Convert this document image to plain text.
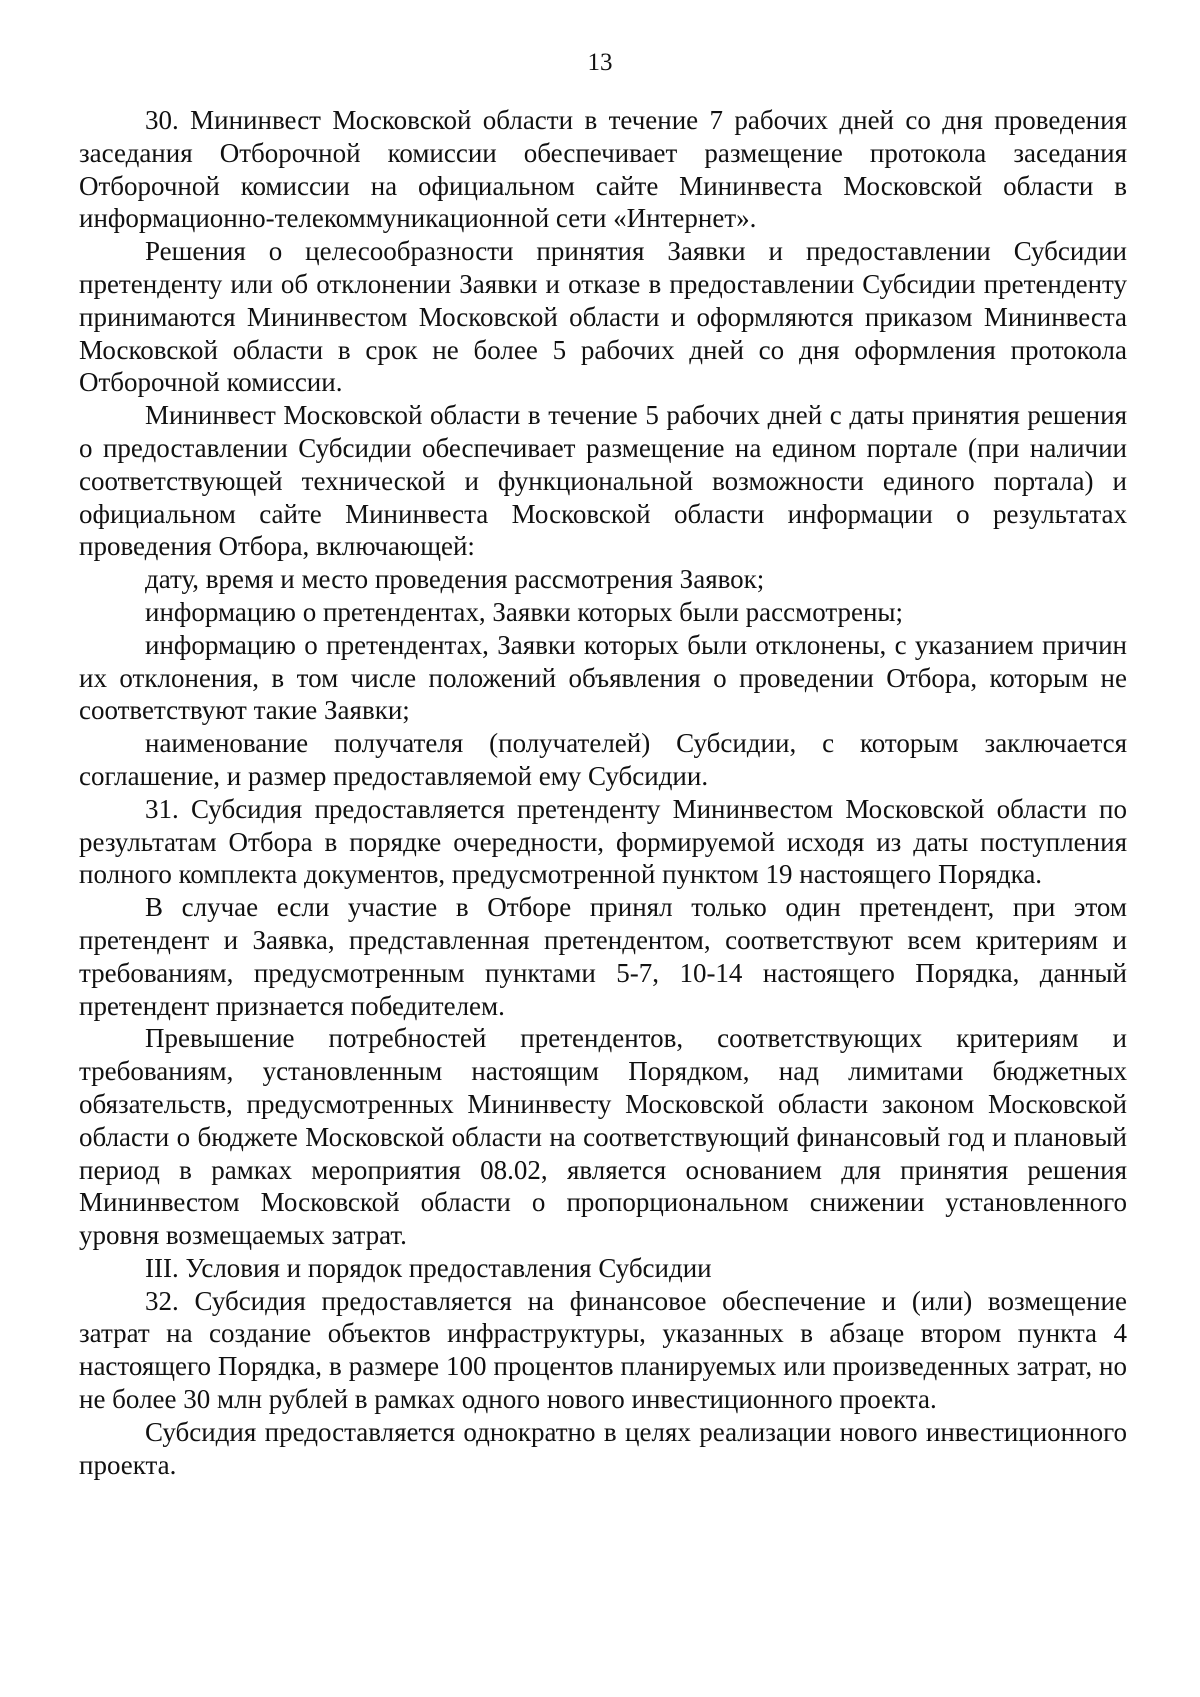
13

30. Мининвест Московской области в течение 7 рабочих дней со дня проведения заседания Отборочной комиссии обеспечивает размещение протокола заседания Отборочной комиссии на официальном сайте Мининвеста Московской области в информационно-телекоммуникационной сети «Интернет».

Решения о целесообразности принятия Заявки и предоставлении Субсидии претенденту или об отклонении Заявки и отказе в предоставлении Субсидии претенденту принимаются Мининвестом Московской области и оформляются приказом Мининвеста Московской области в срок не более 5 рабочих дней со дня оформления протокола Отборочной комиссии.

Мининвест Московской области в течение 5 рабочих дней с даты принятия решения о предоставлении Субсидии обеспечивает размещение на едином портале (при наличии соответствующей технической и функциональной возможности единого портала) и официальном сайте Мининвеста Московской области информации о результатах проведения Отбора, включающей:

дату, время и место проведения рассмотрения Заявок;

информацию о претендентах, Заявки которых были рассмотрены;

информацию о претендентах, Заявки которых были отклонены, с указанием причин их отклонения, в том числе положений объявления о проведении Отбора, которым не соответствуют такие Заявки;

наименование получателя (получателей) Субсидии, с которым заключается соглашение, и размер предоставляемой ему Субсидии.

31. Субсидия предоставляется претенденту Мининвестом Московской области по результатам Отбора в порядке очередности, формируемой исходя из даты поступления полного комплекта документов, предусмотренной пунктом 19 настоящего Порядка.

В случае если участие в Отборе принял только один претендент, при этом претендент и Заявка, представленная претендентом, соответствуют всем критериям и требованиям, предусмотренным пунктами 5-7, 10-14 настоящего Порядка, данный претендент признается победителем.

Превышение потребностей претендентов, соответствующих критериям и требованиям, установленным настоящим Порядком, над лимитами бюджетных обязательств, предусмотренных Мининвесту Московской области законом Московской области о бюджете Московской области на соответствующий финансовый год и плановый период в рамках мероприятия 08.02, является основанием для принятия решения Мининвестом Московской области о пропорциональном снижении установленного уровня возмещаемых затрат.

III. Условия и порядок предоставления Субсидии

32. Субсидия предоставляется на финансовое обеспечение и (или) возмещение затрат на создание объектов инфраструктуры, указанных в абзаце втором пункта 4 настоящего Порядка, в размере 100 процентов планируемых или произведенных затрат, но не более 30 млн рублей в рамках одного нового инвестиционного проекта.

Субсидия предоставляется однократно в целях реализации нового инвестиционного проекта.
